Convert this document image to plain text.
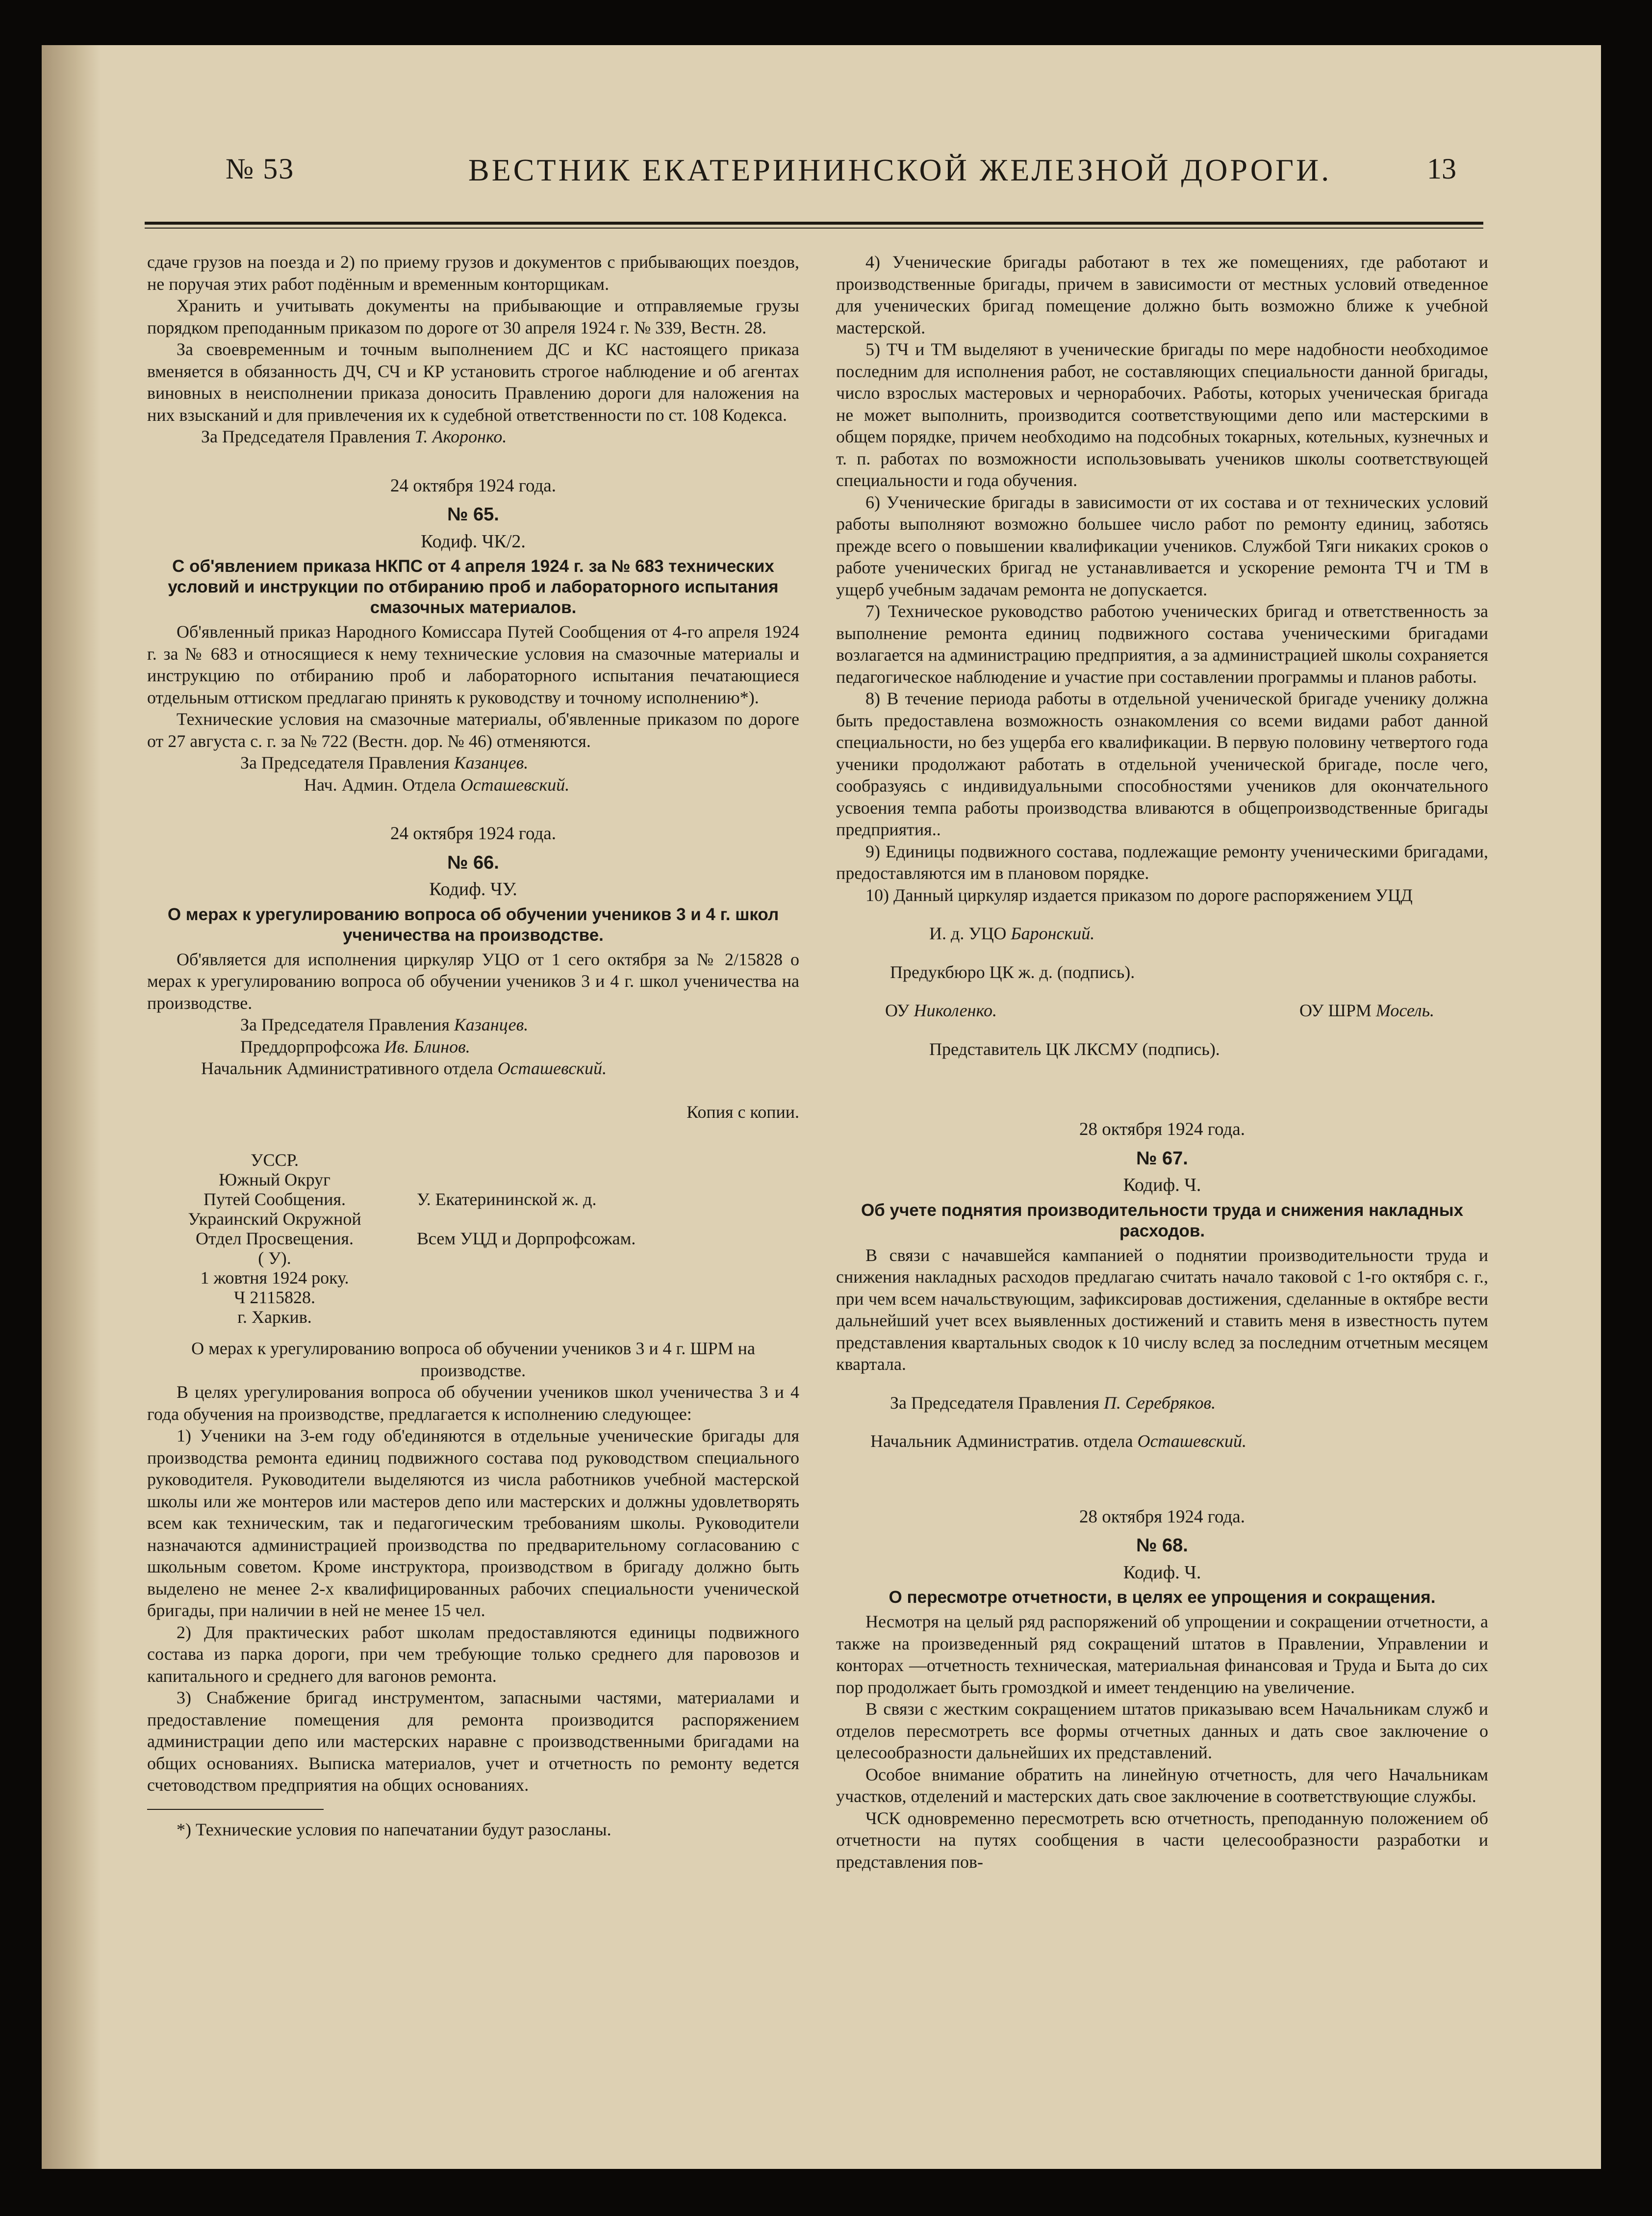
№ 53	ВЕСТНИК ЕКАТЕРИНИНСКОЙ ЖЕЛЕЗНОЙ ДОРОГИ.	13

сдаче грузов на поезда и 2) по приему грузов и документов с прибывающих поездов, не поручая этих работ подённым и временным конторщикам.

Хранить и учитывать документы на прибывающие и отправляемые грузы порядком преподанным приказом по дороге от 30 апреля 1924 г. № 339, Вестн. 28.

За своевременным и точным выполнением ДС и КС настоящего приказа вменяется в обязанность ДЧ, СЧ и КР установить строгое наблюдение и об агентах виновных в неисполнении приказа доносить Правлению дороги для наложения на них взысканий и для привлечения их к судебной ответственности по ст. 108 Кодекса.

За Председателя Правления Т. Акоронко.

24 октября 1924 года.

№ 65.

Кодиф. ЧК/2.

С об'явлением приказа НКПС от 4 апреля 1924 г. за № 683 технических условий и инструкции по отбиранию проб и лабораторного испытания смазочных материалов.

Об'явленный приказ Народного Комиссара Путей Сообщения от 4-го апреля 1924 г. за № 683 и относящиеся к нему технические условия на смазочные материалы и инструкцию по отбиранию проб и лабораторного испытания печатающиеся отдельным оттиском предлагаю принять к руководству и точному исполнению*).

Технические условия на смазочные материалы, об'явленные приказом по дороге от 27 августа с. г. за № 722 (Вестн. дор. № 46) отменяются.

За Председателя Правления Казанцев.

Нач. Админ. Отдела Осташевский.

24 октября 1924 года.

№ 66.

Кодиф. ЧУ.

О мерах к урегулированию вопроса об обучении учеников 3 и 4 г. школ ученичества на производстве.

Об'является для исполнения циркуляр УЦО от 1 сего октября за № 2/15828 о мерах к урегулированию вопроса об обучении учеников 3 и 4 г. школ ученичества на производстве.

За Председателя Правления Казанцев.

Преддорпрофсожа Ив. Блинов.

Начальник Административного отдела Осташевский.

Копия с копии.

УССР.
Южный Округ
Путей Сообщения.
Украинский Окружной
Отдел Просвещения.
( У).
1 жовтня 1924 року.
Ч 2115828.
г. Харкив.
У. Екатерининской ж. д.
Всем УЦД и Дорпрофсожам.

О мерах к урегулированию вопроса об обучении учеников 3 и 4 г. ШРМ на производстве.

В целях урегулирования вопроса об обучении учеников школ ученичества 3 и 4 года обучения на производстве, предлагается к исполнению следующее:

1) Ученики на 3-ем году об'единяются в отдельные ученические бригады для производства ремонта единиц подвижного состава под руководством специального руководителя. Руководители выделяются из числа работников учебной мастерской школы или же монтеров или мастеров депо или мастерских и должны удовлетворять всем как техническим, так и педагогическим требованиям школы. Руководители назначаются администрацией производства по предварительному согласованию с школьным советом. Кроме инструктора, производством в бригаду должно быть выделено не менее 2-х квалифицированных рабочих специальности ученической бригады, при наличии в ней не менее 15 чел.

2) Для практических работ школам предоставляются единицы подвижного состава из парка дороги, при чем требующие только среднего для паровозов и капитального и среднего для вагонов ремонта.

3) Снабжение бригад инструментом, запасными частями, материалами и предоставление помещения для ремонта производится распоряжением администрации депо или мастерских наравне с производственными бригадами на общих основаниях. Выписка материалов, учет и отчетность по ремонту ведется счетоводством предприятия на общих основаниях.

*) Технические условия по напечатании будут разосланы.

4) Ученические бригады работают в тех же помещениях, где работают и производственные бригады, причем в зависимости от местных условий отведенное для ученических бригад помещение должно быть возможно ближе к учебной мастерской.

5) ТЧ и ТМ выделяют в ученические бригады по мере надобности необходимое последним для исполнения работ, не составляющих специальности данной бригады, число взрослых мастеровых и чернорабочих. Работы, которых ученическая бригада не может выполнить, производится соответствующими депо или мастерскими в общем порядке, причем необходимо на подсобных токарных, котельных, кузнечных и т. п. работах по возможности использовывать учеников школы соответствующей специальности и года обучения.

6) Ученические бригады в зависимости от их состава и от технических условий работы выполняют возможно большее число работ по ремонту единиц, заботясь прежде всего о повышении квалификации учеников. Службой Тяги никаких сроков о работе ученических бригад не устанавливается и ускорение ремонта ТЧ и ТМ в ущерб учебным задачам ремонта не допускается.

7) Техническое руководство работою ученических бригад и ответственность за выполнение ремонта единиц подвижного состава ученическими бригадами возлагается на администрацию предприятия, а за администрацией школы сохраняется педагогическое наблюдение и участие при составлении программы и планов работы.

8) В течение периода работы в отдельной ученической бригаде ученику должна быть предоставлена возможность ознакомления со всеми видами работ данной специальности, но без ущерба его квалификации. В первую половину четвертого года ученики продолжают работать в отдельной ученической бригаде, после чего, сообразуясь с индивидуальными способностями учеников для окончательного усвоения темпа работы производства вливаются в общепроизводственные бригады предприятия..

9) Единицы подвижного состава, подлежащие ремонту ученическими бригадами, предоставляются им в плановом порядке.

10) Данный циркуляр издается приказом по дороге распоряжением УЦД

И. д. УЦО Баронский.

Предукбюро ЦК ж. д. (подпись).

ОУ Николенко.	ОУ ШРМ Мосель.

Представитель ЦК ЛКСМУ (подпись).

28 октября 1924 года.

№ 67.

Кодиф. Ч.

Об учете поднятия производительности труда и снижения накладных расходов.

В связи с начавшейся кампанией о поднятии производительности труда и снижения накладных расходов предлагаю считать начало таковой с 1-го октября с. г., при чем всем начальствующим, зафиксировав достижения, сделанные в октябре вести дальнейший учет всех выявленных достижений и ставить меня в известность путем представления квартальных сводок к 10 числу вслед за последним отчетным месяцем квартала.

За Председателя Правления П. Серебряков.

Начальник Административ. отдела Осташевский.

28 октября 1924 года.

№ 68.

Кодиф. Ч.

О пересмотре отчетности, в целях ее упрощения и сокращения.

Несмотря на целый ряд распоряжений об упрощении и сокращении отчетности, а также на произведенный ряд сокращений штатов в Правлении, Управлении и конторах —отчетность техническая, материальная финансовая и Труда и Быта до сих пор продолжает быть громоздкой и имеет тенденцию на увеличение.

В связи с жестким сокращением штатов приказываю всем Начальникам служб и отделов пересмотреть все формы отчетных данных и дать свое заключение о целесообразности дальнейших их представлений.

Особое внимание обратить на линейную отчетность, для чего Начальникам участков, отделений и мастерских дать свое заключение в соответствующие службы.

ЧСК одновременно пересмотреть всю отчетность, преподанную положением об отчетности на путях сообщения в части целесообразности разработки и представления пов-
